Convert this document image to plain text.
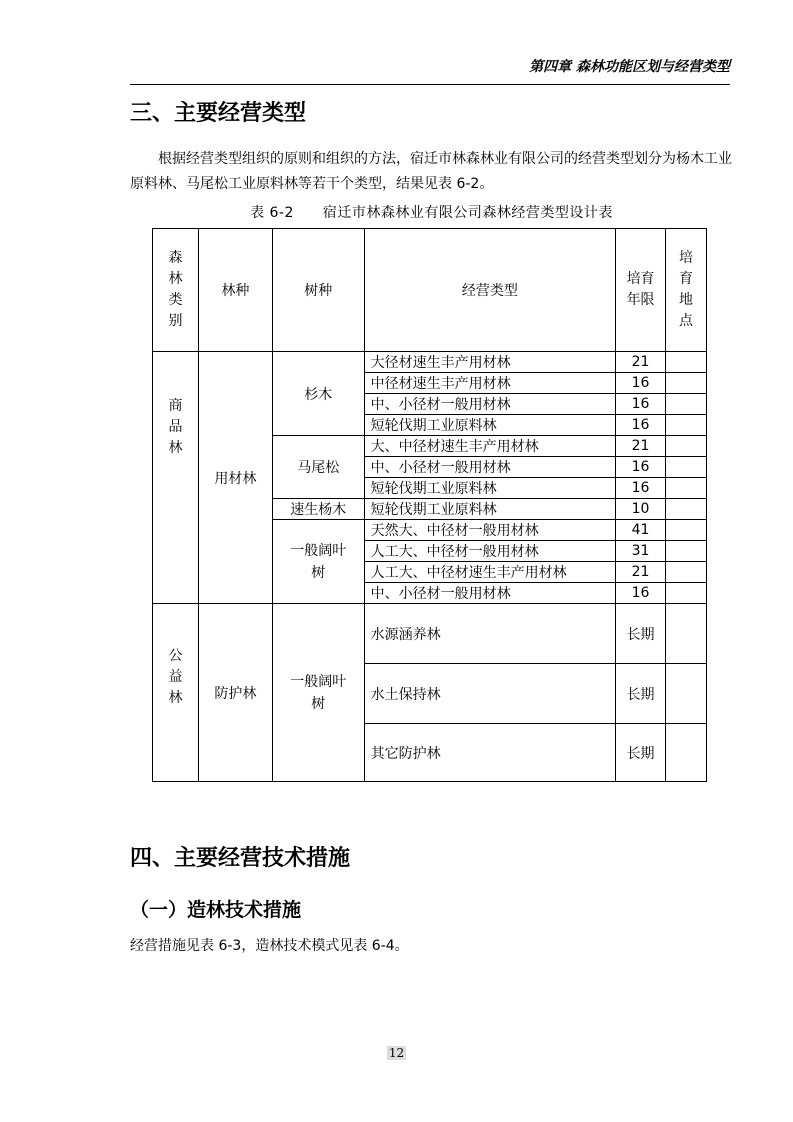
第四章 森林功能区划与经营类型
三、主要经营类型
根据经营类型组织的原则和组织的方法，宿迁市林森林业有限公司的经营类型划分为杨木工业原料林、马尾松工业原料林等若干个类型，结果见表 6-2。
表 6-2　　宿迁市林森林业有限公司森林经营类型设计表
森林类别	林种	树种	经营类型	培育年限	培育地点
商品林	用材林	杉木	大径材速生丰产用材林	21	
			中径材速生丰产用材林	16	
			中、小径材一般用材林	16	
			短轮伐期工业原料林	16	
		马尾松	大、中径材速生丰产用材林	21	
			中、小径材一般用材林	16	
			短轮伐期工业原料林	16	
		速生杨木	短轮伐期工业原料林	10	
		一般阔叶树	天然大、中径材一般用材林	41	
			人工大、中径材一般用材林	31	
			人工大、中径材速生丰产用材林	21	
			中、小径材一般用材林	16	
公益林	防护林	一般阔叶树	水源涵养林	长期	
			水土保持林	长期	
			其它防护林	长期	
四、主要经营技术措施
（一）造林技术措施
经营措施见表 6-3，造林技术模式见表 6-4。
12
